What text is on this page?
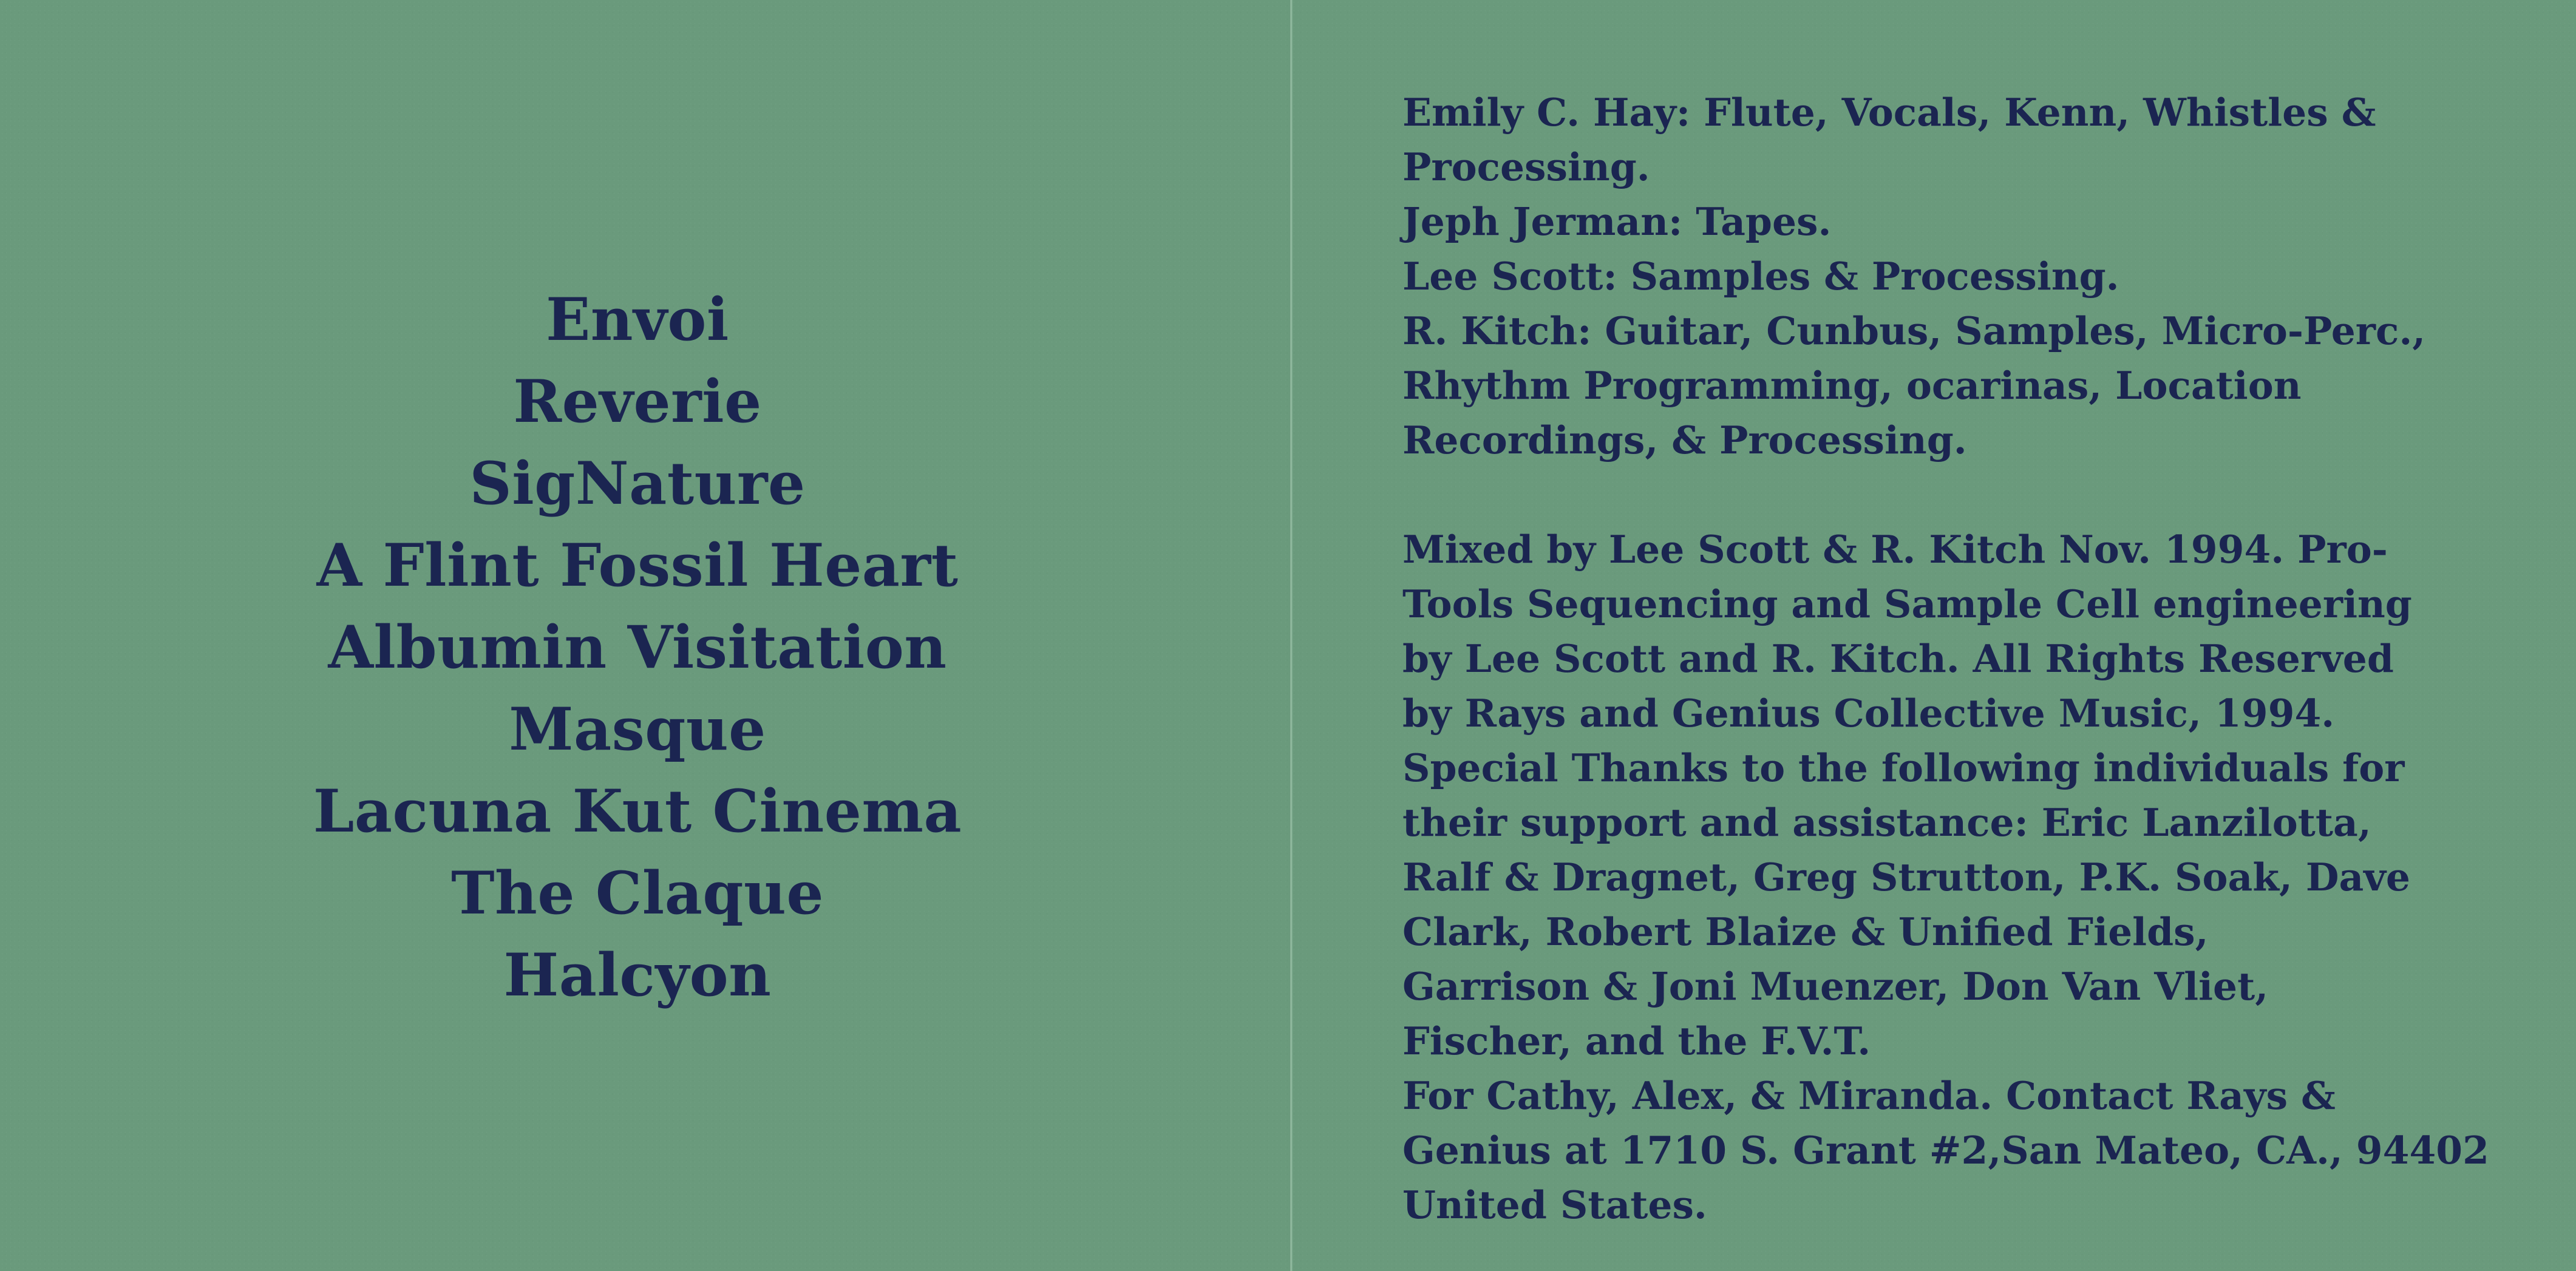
Envoi
Reverie
SigNature
A Flint Fossil Heart
Albumin Visitation
Masque
Lacuna Kut Cinema
The Claque
Halcyon
Emily C. Hay: Flute, Vocals, Kenn, Whistles &
Processing.
Jeph Jerman: Tapes.
Lee Scott: Samples & Processing.
R. Kitch: Guitar, Cunbus, Samples, Micro-Perc.,
Rhythm Programming, ocarinas, Location
Recordings, & Processing.
Mixed by Lee Scott & R. Kitch Nov. 1994. Pro-
Tools Sequencing and Sample Cell engineering
by Lee Scott and R. Kitch. All Rights Reserved
by Rays and Genius Collective Music, 1994.
Special Thanks to the following individuals for
their support and assistance: Eric Lanzilotta,
Ralf & Dragnet, Greg Strutton, P.K. Soak, Dave
Clark, Robert Blaize & Unified Fields,
Garrison & Joni Muenzer, Don Van Vliet,
Fischer, and the F.V.T.
For Cathy, Alex, & Miranda. Contact Rays &
Genius at 1710 S. Grant #2,San Mateo, CA., 94402
United States.
